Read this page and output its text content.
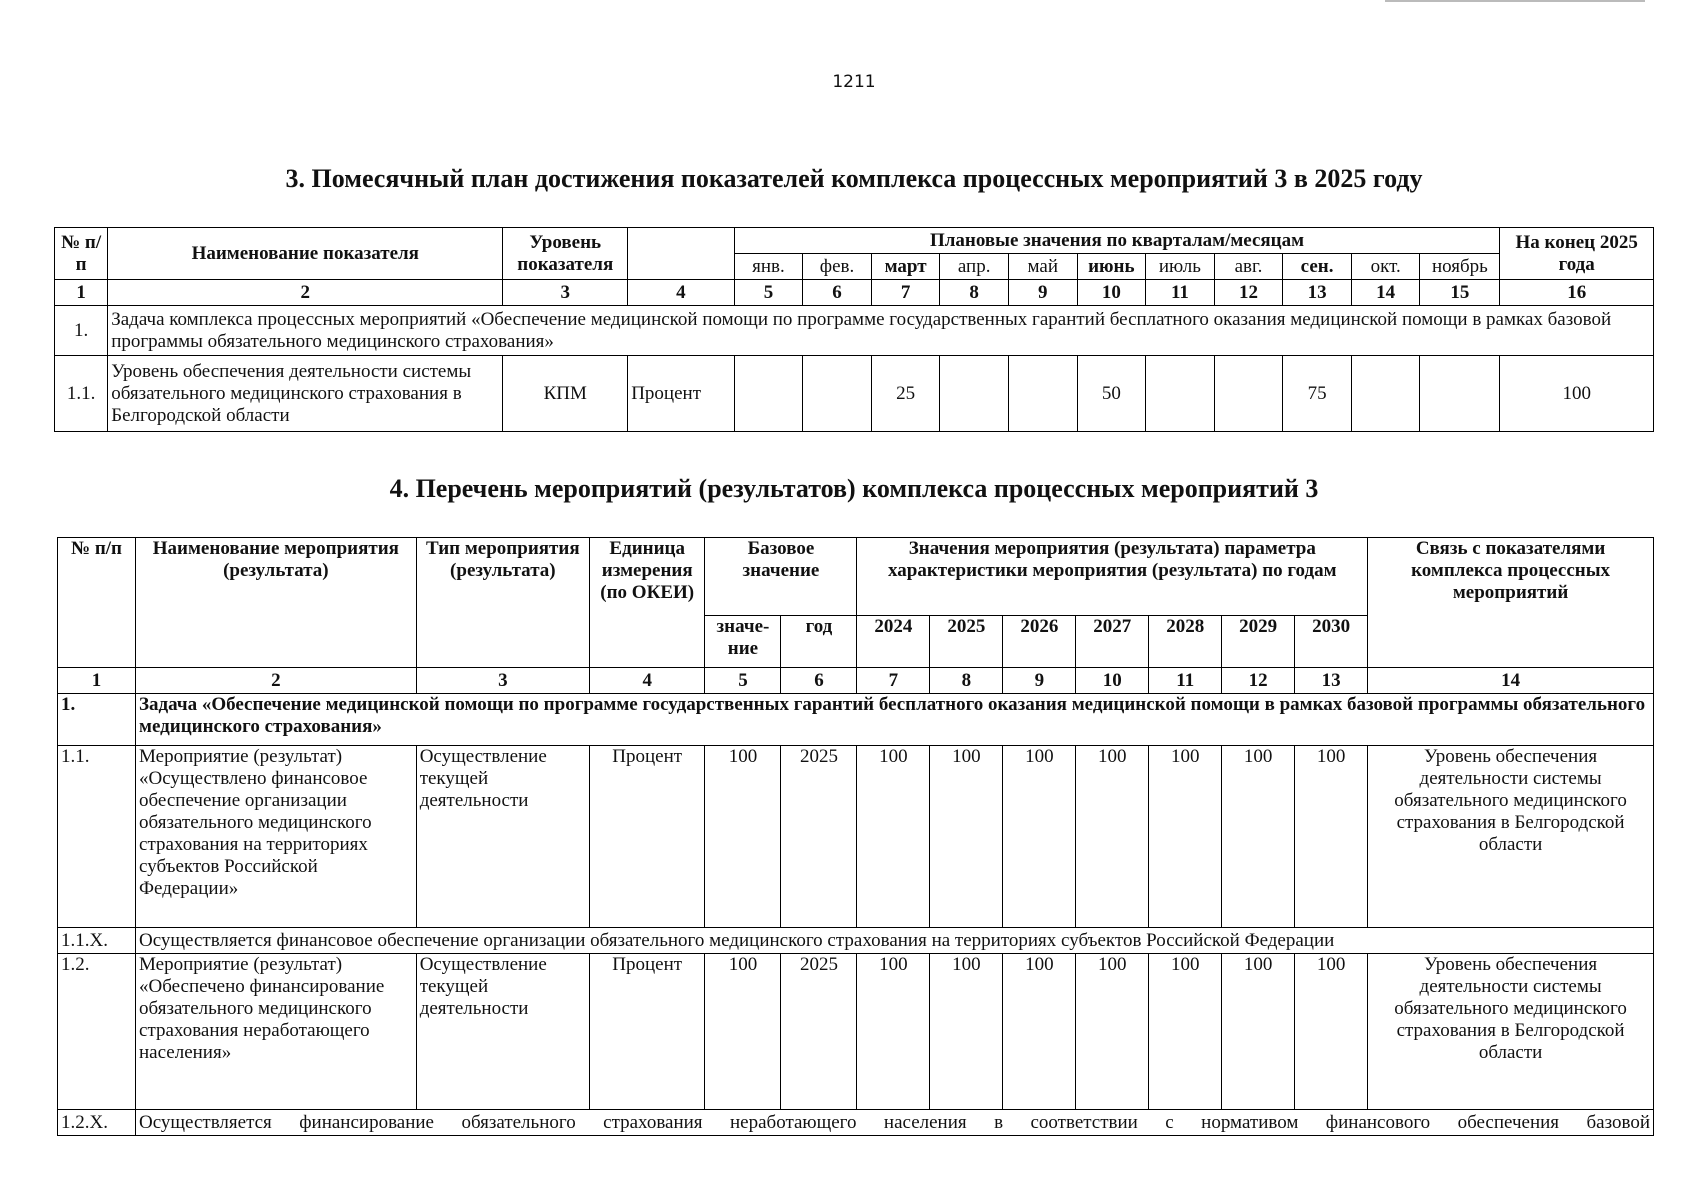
1211
3. Помесячный план достижения показателей комплекса процессных мероприятий 3 в 2025 году
№ п/п	Наименование показателя	Уровень показателя		Плановые значения по кварталам/месяцам											На конец 2025 года
				янв.	фев.	март	апр.	май	июнь	июль	авг.	сен.	окт.	ноябрь	
1	2	3	4	5	6	7	8	9	10	11	12	13	14	15	16
1.	Задача комплекса процессных мероприятий «Обеспечение медицинской помощи по программе государственных гарантий бесплатного оказания медицинской помощи в рамках базовой программы обязательного медицинского страхования»														
1.1.	Уровень обеспечения деятельности системы обязательного медицинского страхования в Белгородской области	КПМ	Процент			25			50			75			100
4. Перечень мероприятий (результатов) комплекса процессных мероприятий 3
№ п/п	Наименование мероприятия (результата)	Тип мероприятия (результата)	Единица измерения (по ОКЕИ)	Базовое значение		Значения мероприятия (результата) параметра характеристики мероприятия (результата) по годам							Связь с показателями комплекса процессных мероприятий
				значе-ние	год	2024	2025	2026	2027	2028	2029	2030	
1	2	3	4	5	6	7	8	9	10	11	12	13	14
1.	Задача «Обеспечение медицинской помощи по программе государственных гарантий бесплатного оказания медицинской помощи в рамках базовой программы обязательного медицинского страхования»												
1.1.	Мероприятие (результат) «Осуществлено финансовое обеспечение организации обязательного медицинского страхования на территориях субъектов Российской Федерации»	Осуществление текущей деятельности	Процент	100	2025	100	100	100	100	100	100	100	Уровень обеспечения деятельности системы обязательного медицинского страхования в Белгородской области
1.1.X.	Осуществляется финансовое обеспечение организации обязательного медицинского страхования на территориях субъектов Российской Федерации												
1.2.	Мероприятие (результат) «Обеспечено финансирование обязательного медицинского страхования неработающего населения»	Осуществление текущей деятельности	Процент	100	2025	100	100	100	100	100	100	100	Уровень обеспечения деятельности системы обязательного медицинского страхования в Белгородской области
1.2.X.	Осуществляется финансирование обязательного страхования неработающего населения в соответствии с нормативом финансового обеспечения базовой												
